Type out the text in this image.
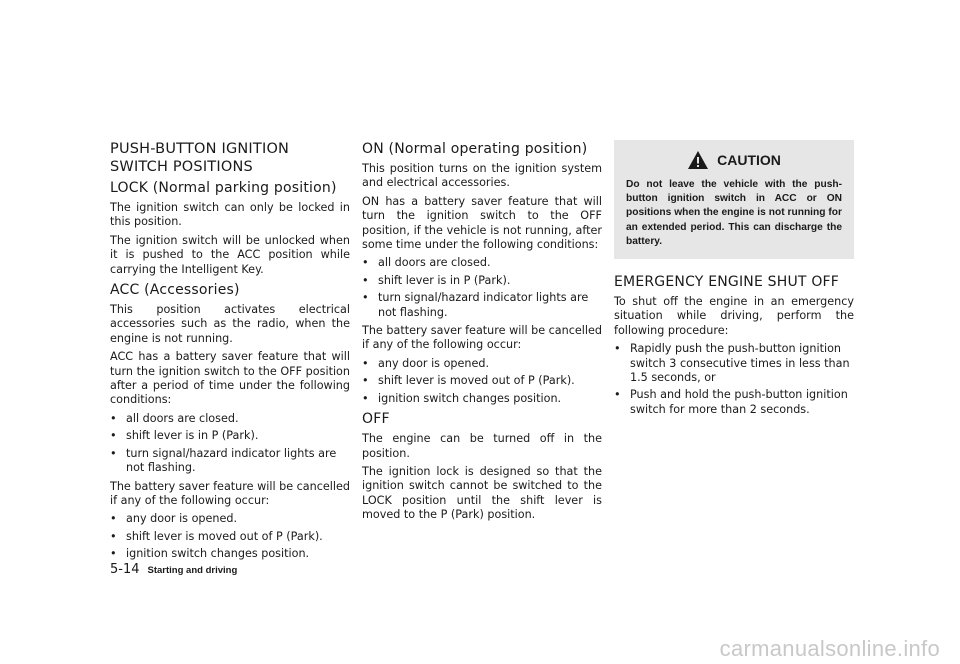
PUSH-BUTTON IGNITION SWITCH POSITIONS
LOCK (Normal parking position)

The ignition switch can only be locked in this position.

The ignition switch will be unlocked when it is pushed to the ACC position while carrying the Intelligent Key.

ACC (Accessories)

This position activates electrical accessories such as the radio, when the engine is not running.

ACC has a battery saver feature that will turn the ignition switch to the OFF position after a period of time under the following conditions:

• all doors are closed.
• shift lever is in P (Park).
• turn signal/hazard indicator lights are not flashing.

The battery saver feature will be cancelled if any of the following occur:

• any door is opened.
• shift lever is moved out of P (Park).
• ignition switch changes position.
ON (Normal operating position)

This position turns on the ignition system and electrical accessories.

ON has a battery saver feature that will turn the ignition switch to the OFF position, if the vehicle is not running, after some time under the following conditions:

• all doors are closed.
• shift lever is in P (Park).
• turn signal/hazard indicator lights are not flashing.

The battery saver feature will be cancelled if any of the following occur:

• any door is opened.
• shift lever is moved out of P (Park).
• ignition switch changes position.
OFF

The engine can be turned off in the position.

The ignition lock is designed so that the ignition switch cannot be switched to the LOCK position until the shift lever is moved to the P (Park) position.

CAUTION

Do not leave the vehicle with the push-button ignition switch in ACC or ON positions when the engine is not running for an extended period. This can discharge the battery.

EMERGENCY ENGINE SHUT OFF

To shut off the engine in an emergency situation while driving, perform the following procedure:

• Rapidly push the push-button ignition switch 3 consecutive times in less than 1.5 seconds, or
• Push and hold the push-button ignition switch for more than 2 seconds.
5-14 Starting and driving
carmanualsonline.info
